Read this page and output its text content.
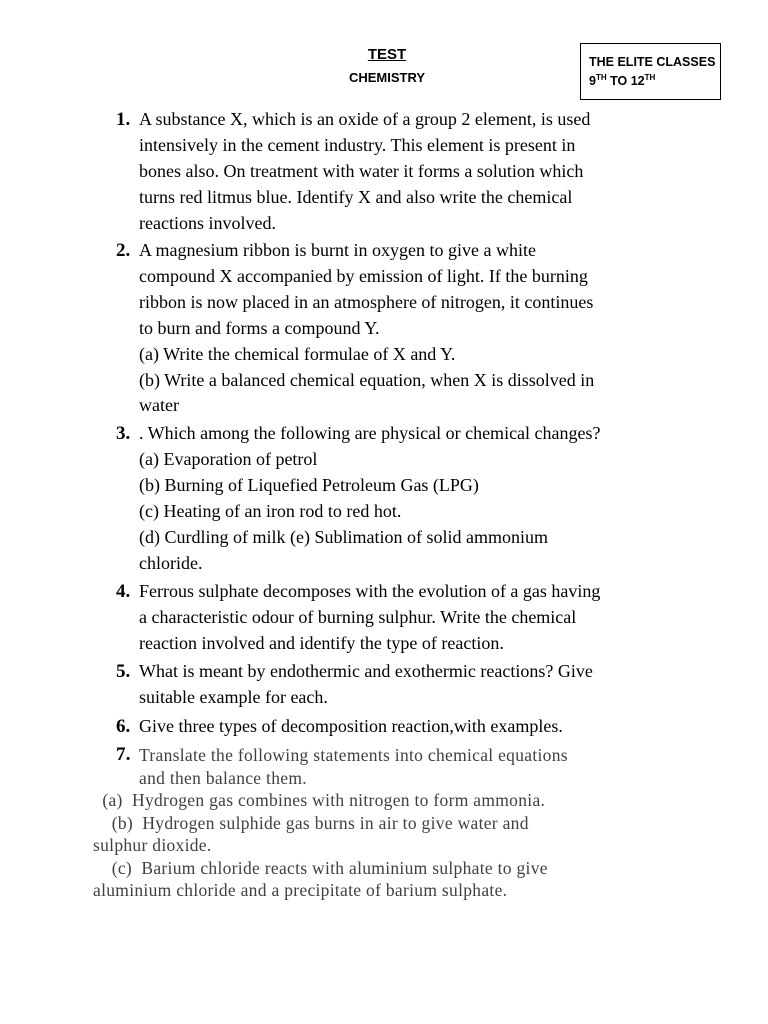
TEST
CHEMISTRY
THE ELITE CLASSES
9TH TO 12TH
1. A substance X, which is an oxide of a group 2 element, is used
intensively in the cement industry. This element is present in
bones also. On treatment with water it forms a solution which
turns red litmus blue. Identify X and also write the chemical
reactions involved.
2. A magnesium ribbon is burnt in oxygen to give a white
compound X accompanied by emission of light. If the burning
ribbon is now placed in an atmosphere of nitrogen, it continues
to burn and forms a compound Y.
(a) Write the chemical formulae of X and Y.
(b) Write a balanced chemical equation, when X is dissolved in
water
3. . Which among the following are physical or chemical changes?
(a) Evaporation of petrol
(b) Burning of Liquefied Petroleum Gas (LPG)
(c) Heating of an iron rod to red hot.
(d) Curdling of milk (e) Sublimation of solid ammonium
chloride.
4. Ferrous sulphate decomposes with the evolution of a gas having
a characteristic odour of burning sulphur. Write the chemical
reaction involved and identify the type of reaction.
5. What is meant by endothermic and exothermic reactions? Give
suitable example for each.
6. Give three types of decomposition reaction,with examples.
7. Translate the following statements into chemical equations
and then balance them.
(a)  Hydrogen gas combines with nitrogen to form ammonia.
(b)  Hydrogen sulphide gas burns in air to give water and
sulphur dioxide.
(c)  Barium chloride reacts with aluminium sulphate to give
aluminium chloride and a precipitate of barium sulphate.
